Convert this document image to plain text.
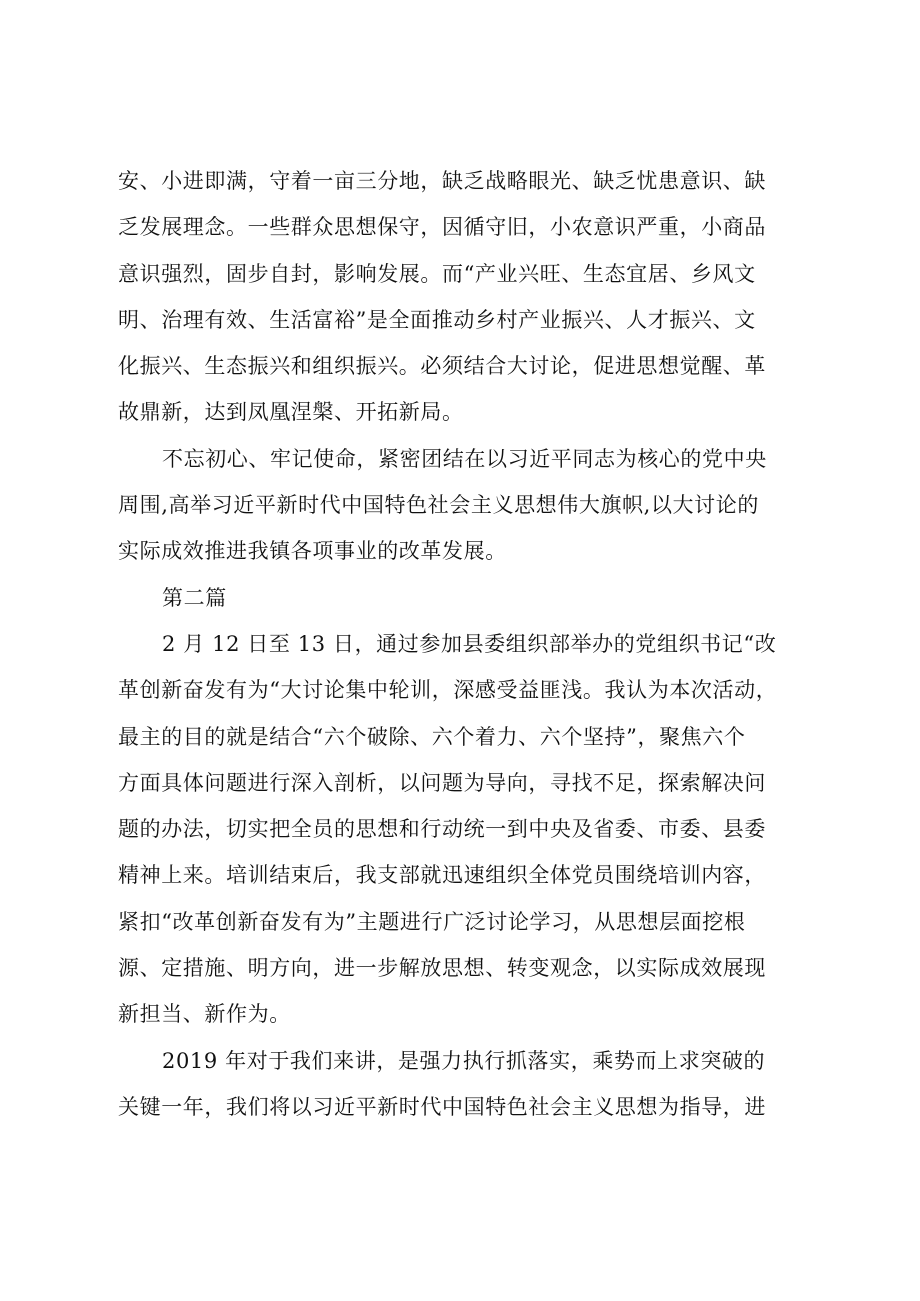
安、小进即满，守着一亩三分地，缺乏战略眼光、缺乏忧患意识、缺

乏发展理念。一些群众思想保守，因循守旧，小农意识严重，小商品

意识强烈，固步自封，影响发展。而“产业兴旺、生态宜居、乡风文

明、治理有效、生活富裕”是全面推动乡村产业振兴、人才振兴、文

化振兴、生态振兴和组织振兴。必须结合大讨论，促进思想觉醒、革

故鼎新，达到凤凰涅槃、开拓新局。

不忘初心、牢记使命，紧密团结在以习近平同志为核心的党中央

周围,高举习近平新时代中国特色社会主义思想伟大旗帜,以大讨论的

实际成效推进我镇各项事业的改革发展。

第二篇

2 月 12 日至 13 日，通过参加县委组织部举办的党组织书记“改

革创新奋发有为“大讨论集中轮训，深感受益匪浅。我认为本次活动，

最主的目的就是结合“六个破除、六个着力、六个坚持”，聚焦六个

方面具体问题进行深入剖析，以问题为导向，寻找不足，探索解决问

题的办法，切实把全员的思想和行动统一到中央及省委、市委、县委

精神上来。培训结束后，我支部就迅速组织全体党员围绕培训内容，

紧扣“改革创新奋发有为”主题进行广泛讨论学习，从思想层面挖根

源、定措施、明方向，进一步解放思想、转变观念，以实际成效展现

新担当、新作为。

2019 年对于我们来讲，是强力执行抓落实，乘势而上求突破的

关键一年，我们将以习近平新时代中国特色社会主义思想为指导，进
